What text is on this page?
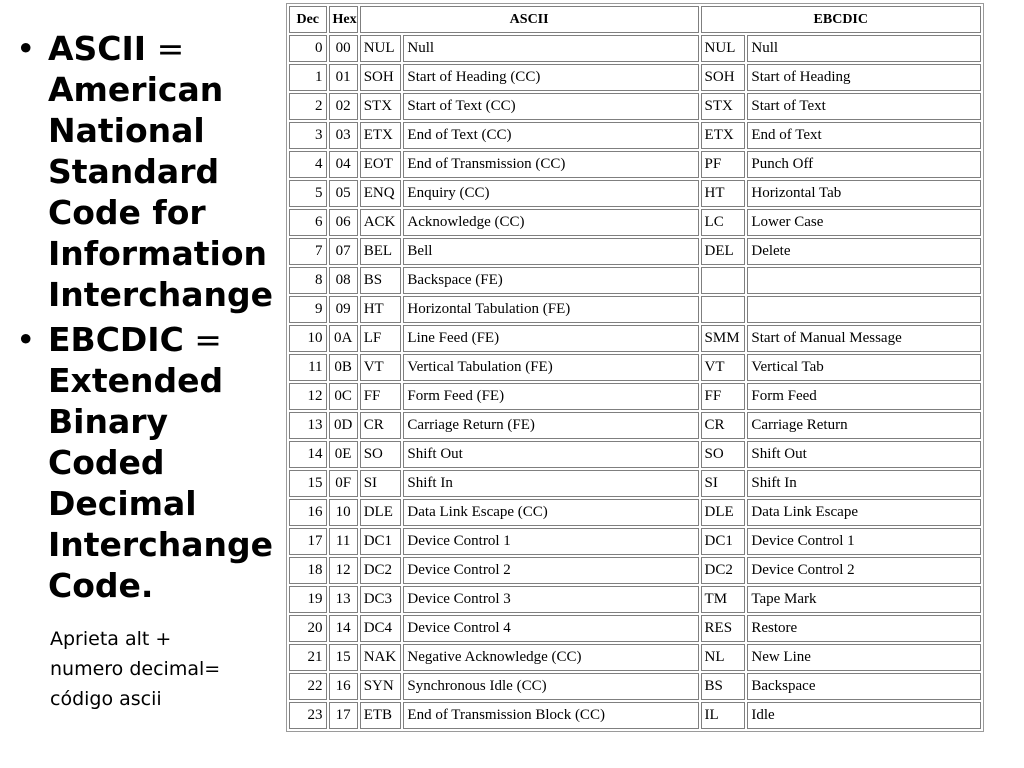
• ASCII = American National Standard Code for Information Interchange
• EBCDIC = Extended Binary Coded Decimal Interchange Code.
Aprieta alt + numero decimal= código ascii
Dec	Hex	ASCII		EBCDIC	
0	00	NUL	Null	NUL	Null
1	01	SOH	Start of Heading (CC)	SOH	Start of Heading
2	02	STX	Start of Text (CC)	STX	Start of Text
3	03	ETX	End of Text (CC)	ETX	End of Text
4	04	EOT	End of Transmission (CC)	PF	Punch Off
5	05	ENQ	Enquiry (CC)	HT	Horizontal Tab
6	06	ACK	Acknowledge (CC)	LC	Lower Case
7	07	BEL	Bell	DEL	Delete
8	08	BS	Backspace (FE)		
9	09	HT	Horizontal Tabulation (FE)		
10	0A	LF	Line Feed (FE)	SMM	Start of Manual Message
11	0B	VT	Vertical Tabulation (FE)	VT	Vertical Tab
12	0C	FF	Form Feed (FE)	FF	Form Feed
13	0D	CR	Carriage Return (FE)	CR	Carriage Return
14	0E	SO	Shift Out	SO	Shift Out
15	0F	SI	Shift In	SI	Shift In
16	10	DLE	Data Link Escape (CC)	DLE	Data Link Escape
17	11	DC1	Device Control 1	DC1	Device Control 1
18	12	DC2	Device Control 2	DC2	Device Control 2
19	13	DC3	Device Control 3	TM	Tape Mark
20	14	DC4	Device Control 4	RES	Restore
21	15	NAK	Negative Acknowledge (CC)	NL	New Line
22	16	SYN	Synchronous Idle (CC)	BS	Backspace
23	17	ETB	End of Transmission Block (CC)	IL	Idle
